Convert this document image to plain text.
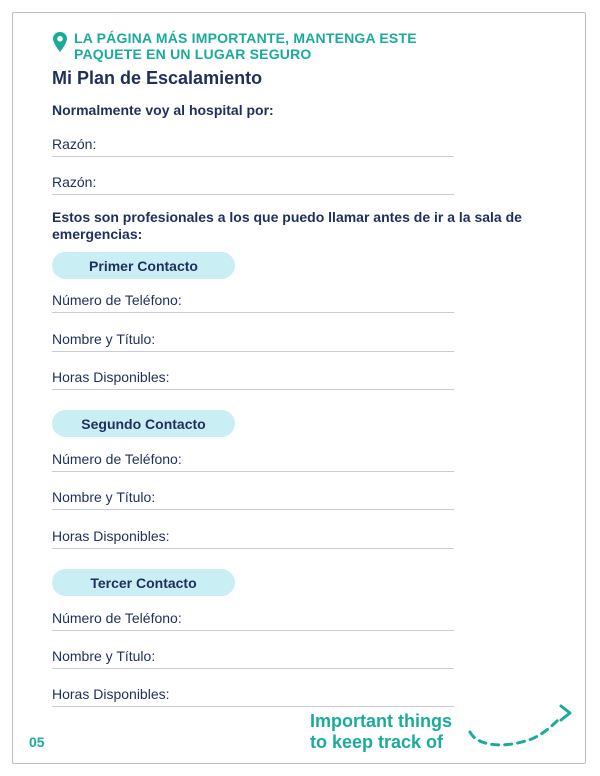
LA PÁGINA MÁS IMPORTANTE, MANTENGA ESTE PAQUETE EN UN LUGAR SEGURO
Mi Plan de Escalamiento
Normalmente voy al hospital por:
Razón:
Razón:
Estos son profesionales a los que puedo llamar antes de ir a la sala de emergencias:
Primer Contacto
Número de Teléfono:
Nombre y Título:
Horas Disponibles:
Segundo Contacto
Número de Teléfono:
Nombre y Título:
Horas Disponibles:
Tercer Contacto
Número de Teléfono:
Nombre y Título:
Horas Disponibles:
05
Important things
to keep track of
